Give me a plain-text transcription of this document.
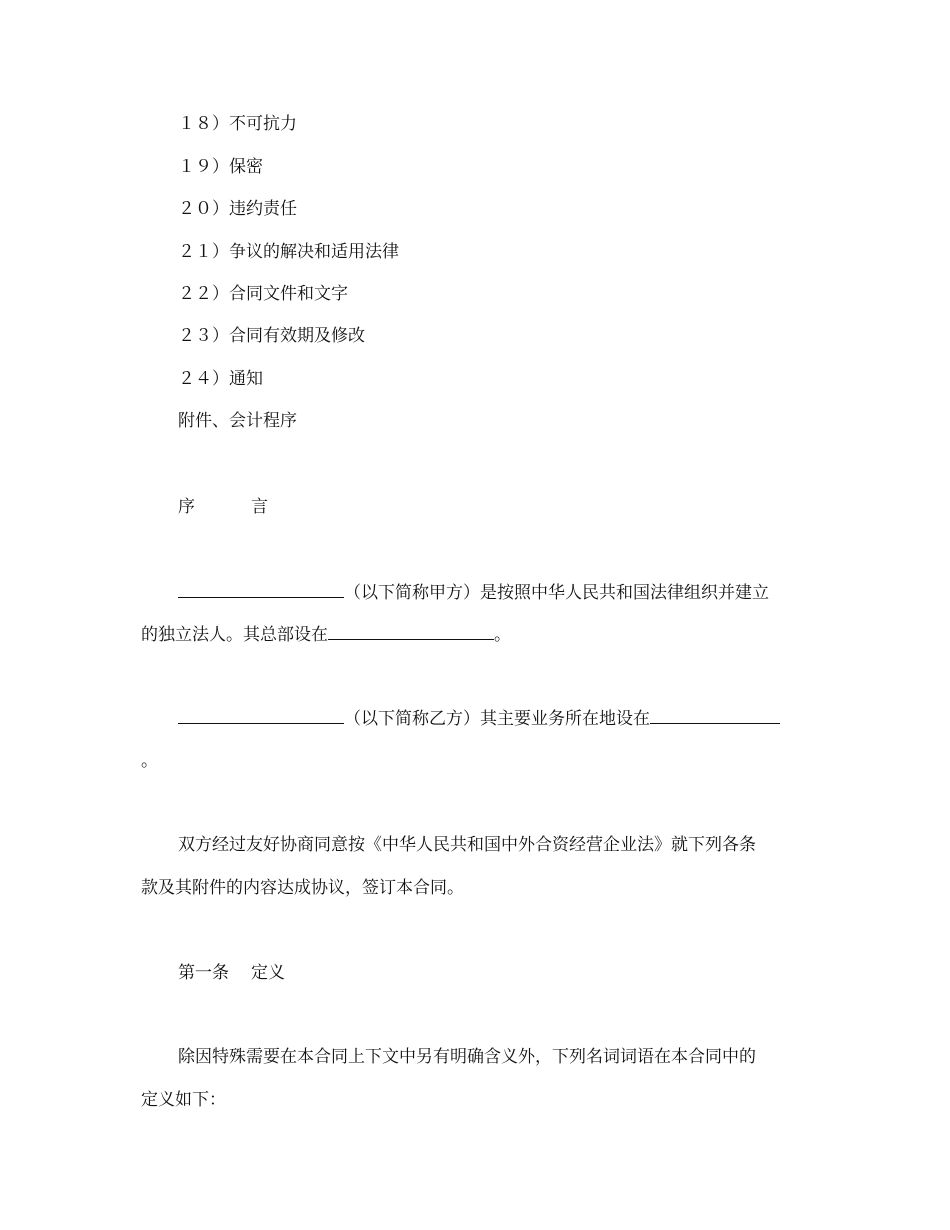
１８）不可抗力
１９）保密
２０）违约责任
２１）争议的解决和适用法律
２２）合同文件和文字
２３）合同有效期及修改
２４）通知
附件、会计程序
序	言
（以下简称甲方）是按照中华人民共和国法律组织并建立
的独立法人。其总部设在	。
（以下简称乙方）其主要业务所在地设在
。
双方经过友好协商同意按《中华人民共和国中外合资经营企业法》就下列各条
款及其附件的内容达成协议，签订本合同。
第一条 定义
除因特殊需要在本合同上下文中另有明确含义外，下列名词词语在本合同中的
定义如下：
